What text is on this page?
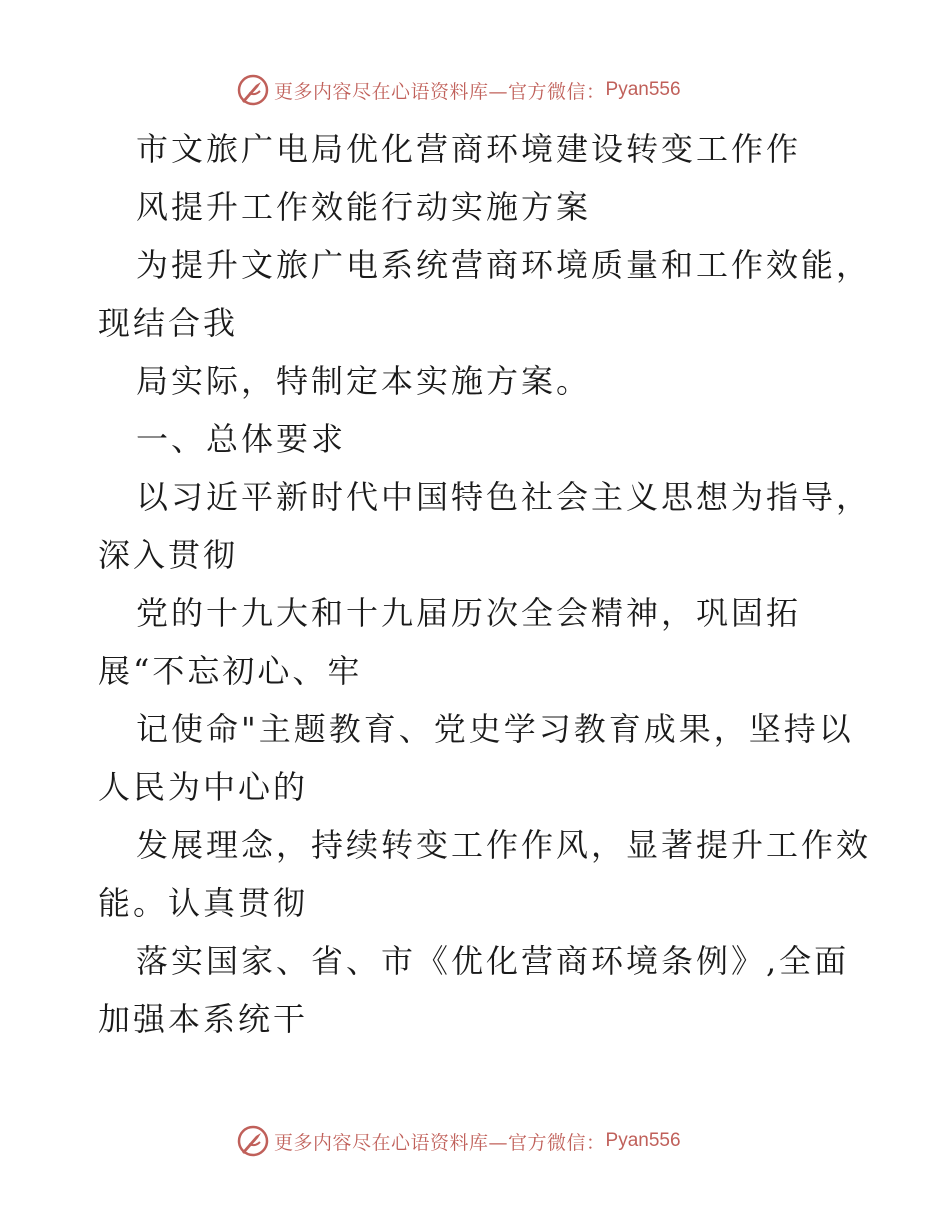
更多内容尽在心语资料库—官方微信： Pyan556
市文旅广电局优化营商环境建设转变工作作
风提升工作效能行动实施方案
为提升文旅广电系统营商环境质量和工作效能，
现结合我
局实际，特制定本实施方案。
一、总体要求
以习近平新时代中国特色社会主义思想为指导，
深入贯彻
党的十九大和十九届历次全会精神，巩固拓
展“不忘初心、牢
记使命"主题教育、党史学习教育成果，坚持以
人民为中心的
发展理念，持续转变工作作风，显著提升工作效
能。认真贯彻
落实国家、省、市《优化营商环境条例》,全面
加强本系统干
更多内容尽在心语资料库—官方微信： Pyan556
